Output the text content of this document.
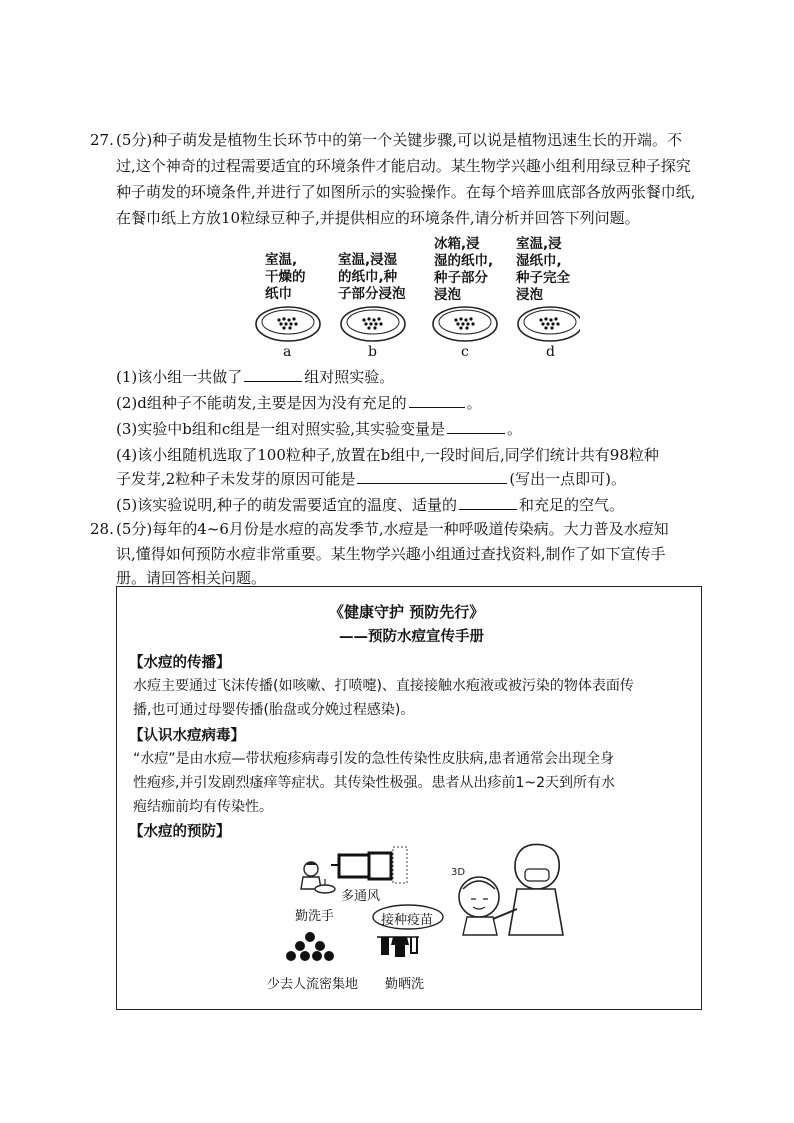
27. (5分)种子萌发是植物生长环节中的第一个关键步骤,可以说是植物迅速生长的开端。不
过,这个神奇的过程需要适宜的环境条件才能启动。某生物学兴趣小组利用绿豆种子探究
种子萌发的环境条件,并进行了如图所示的实验操作。在每个培养皿底部各放两张餐巾纸,
在餐巾纸上方放10粒绿豆种子,并提供相应的环境条件,请分析并回答下列问题。
室温,
干燥的
纸巾
室温,浸湿
的纸巾,种
子部分浸泡
冰箱,浸
湿的纸巾,
种子部分
浸泡
室温,浸
湿纸巾,
种子完全
浸泡
a	b	c	d
(1)该小组一共做了	组对照实验。
(2)d组种子不能萌发,主要是因为没有充足的	。
(3)实验中b组和c组是一组对照实验,其实验变量是	。
(4)该小组随机选取了100粒种子,放置在b组中,一段时间后,同学们统计共有98粒种
子发芽,2粒种子未发芽的原因可能是	(写出一点即可)。
(5)该实验说明,种子的萌发需要适宜的温度、适量的	和充足的空气。
28. (5分)每年的4~6月份是水痘的高发季节,水痘是一种呼吸道传染病。大力普及水痘知
识,懂得如何预防水痘非常重要。某生物学兴趣小组通过查找资料,制作了如下宣传手
册。请回答相关问题。
《健康守护 预防先行》
——预防水痘宣传手册
【水痘的传播】
水痘主要通过飞沫传播(如咳嗽、打喷嚏)、直接接触水疱液或被污染的物体表面传
播,也可通过母婴传播(胎盘或分娩过程感染)。
【认识水痘病毒】
“水痘”是由水痘—带状疱疹病毒引发的急性传染性皮肤病,患者通常会出现全身
性疱疹,并引发剧烈瘙痒等症状。其传染性极强。患者从出疹前1~2天到所有水
疱结痂前均有传染性。
【水痘的预防】
多通风
勤洗手	接种疫苗
3D
少去人流密集地 勤晒洗
